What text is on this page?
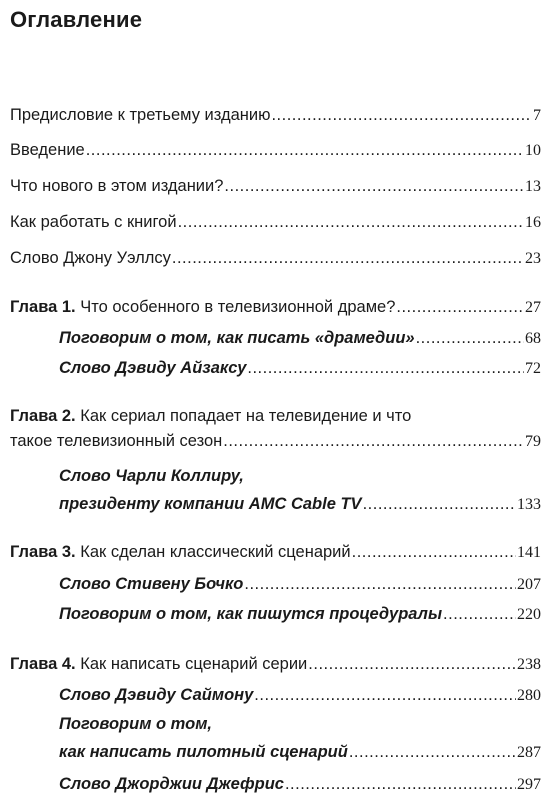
Оглавление
Предисловие к третьему изданию .....	7
Введение .....	10
Что нового в этом издании? .....	13
Как работать с книгой .....	16
Слово Джону Уэллсу .....	23
Глава 1. Что особенного в телевизионной драме? .....	27
Поговорим о том, как писать «драмедии» .....	68
Слово Дэвиду Айзаксу .....	72
Глава 2. Как сериал попадает на телевидение и что
такое телевизионный сезон .....	79
Слово Чарли Коллиру,
президенту компании AMC Cable TV .....	133
Глава 3. Как сделан классический сценарий .....	141
Слово Стивену Бочко .....	207
Поговорим о том, как пишутся процедуралы .....	220
Глава 4. Как написать сценарий серии .....	238
Слово Дэвиду Саймону .....	280
Поговорим о том,
как написать пилотный сценарий .....	287
Слово Джорджии Джефрис .....	297
